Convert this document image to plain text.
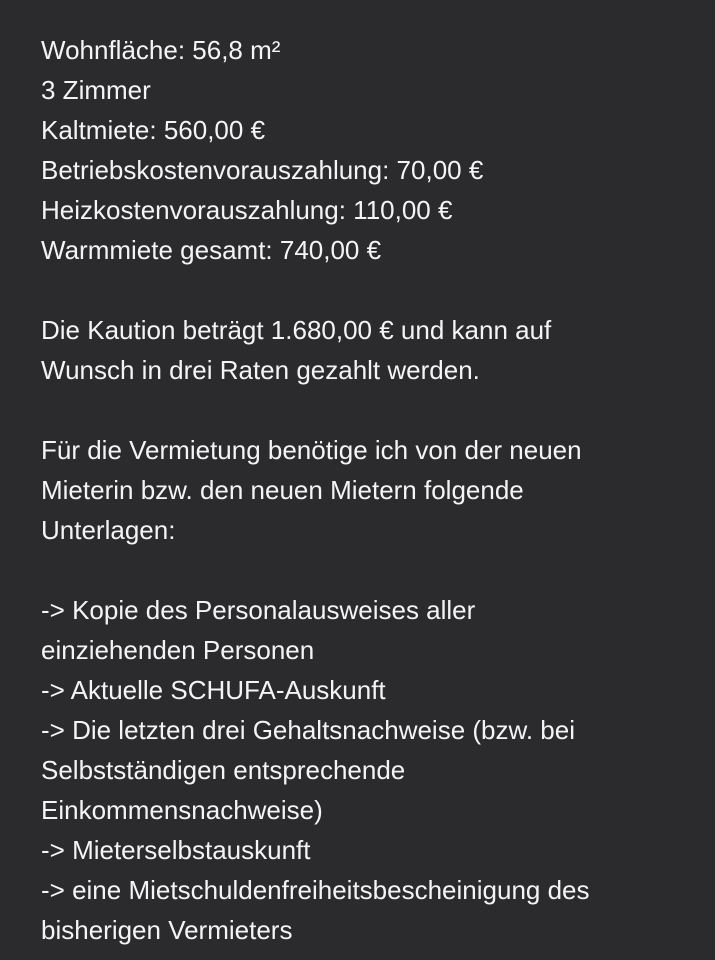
Wohnfläche: 56,8 m²
3 Zimmer
Kaltmiete: 560,00 €
Betriebskostenvorauszahlung: 70,00 €
Heizkostenvorauszahlung: 110,00 €
Warmmiete gesamt: 740,00 €
Die Kaution beträgt 1.680,00 € und kann auf
Wunsch in drei Raten gezahlt werden.
Für die Vermietung benötige ich von der neuen
Mieterin bzw. den neuen Mietern folgende
Unterlagen:
-> Kopie des Personalausweises aller
einziehenden Personen
-> Aktuelle SCHUFA-Auskunft
-> Die letzten drei Gehaltsnachweise (bzw. bei
Selbstständigen entsprechende
Einkommensnachweise)
-> Mieterselbstauskunft
-> eine Mietschuldenfreiheitsbescheinigung des
bisherigen Vermieters
